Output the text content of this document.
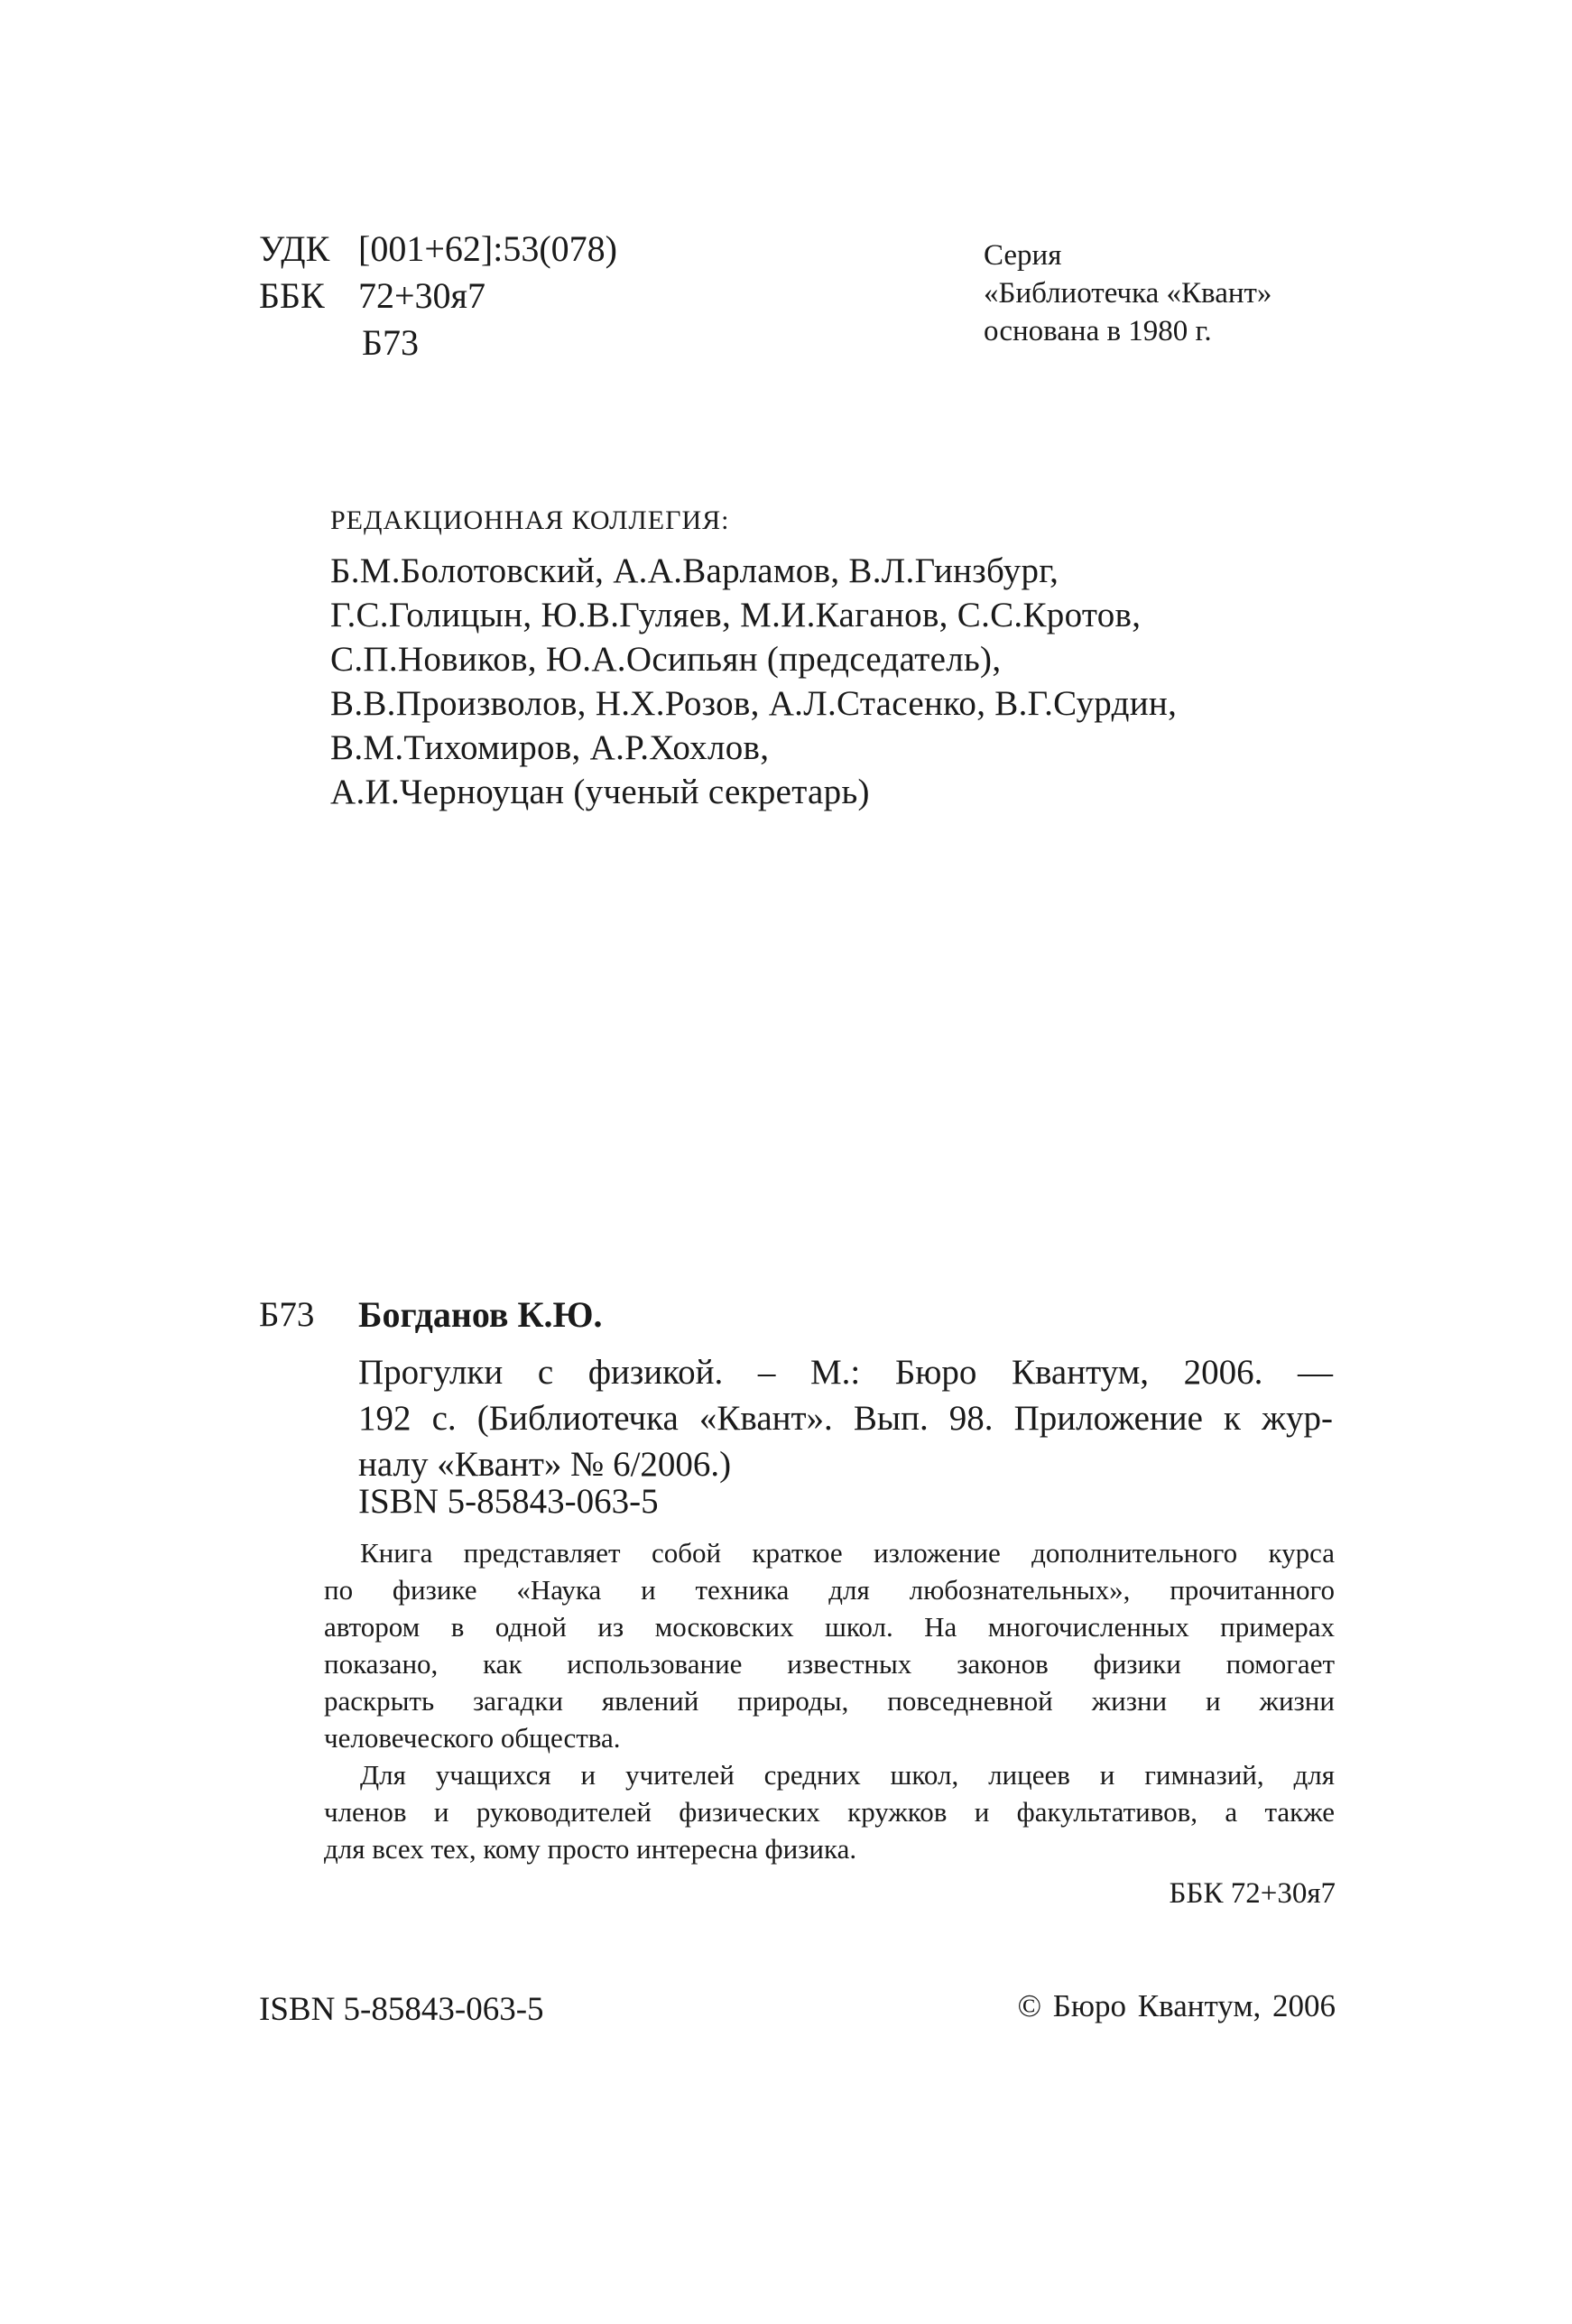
УДК [001+62]:53(078)
ББК 72+30я7
Б73
Серия
«Библиотечка «Квант»
основана в 1980 г.
РЕДАКЦИОННАЯ КОЛЛЕГИЯ:
Б.М.Болотовский, А.А.Варламов, В.Л.Гинзбург,
Г.С.Голицын, Ю.В.Гуляев, М.И.Каганов, С.С.Кротов,
С.П.Новиков, Ю.А.Осипьян (председатель),
В.В.Произволов, Н.Х.Розов, А.Л.Стасенко, В.Г.Сурдин,
В.М.Тихомиров, А.Р.Хохлов,
А.И.Черноуцан (ученый секретарь)
Б73 Богданов К.Ю.
Прогулки с физикой. – М.: Бюро Квантум, 2006. —
192 с. (Библиотечка «Квант». Вып. 98. Приложение к жур-
налу «Квант» № 6/2006.)
ISBN 5-85843-063-5
Книга представляет собой краткое изложение дополнительного курса
по физике «Наука и техника для любознательных», прочитанного
автором в одной из московских школ. На многочисленных примерах
показано, как использование известных законов физики помогает
раскрыть загадки явлений природы, повседневной жизни и жизни
человеческого общества.
Для учащихся и учителей средних школ, лицеев и гимназий, для
членов и руководителей физических кружков и факультативов, а также
для всех тех, кому просто интересна физика.
ББК 72+30я7
ISBN 5-85843-063-5	© Бюро Квантум, 2006
